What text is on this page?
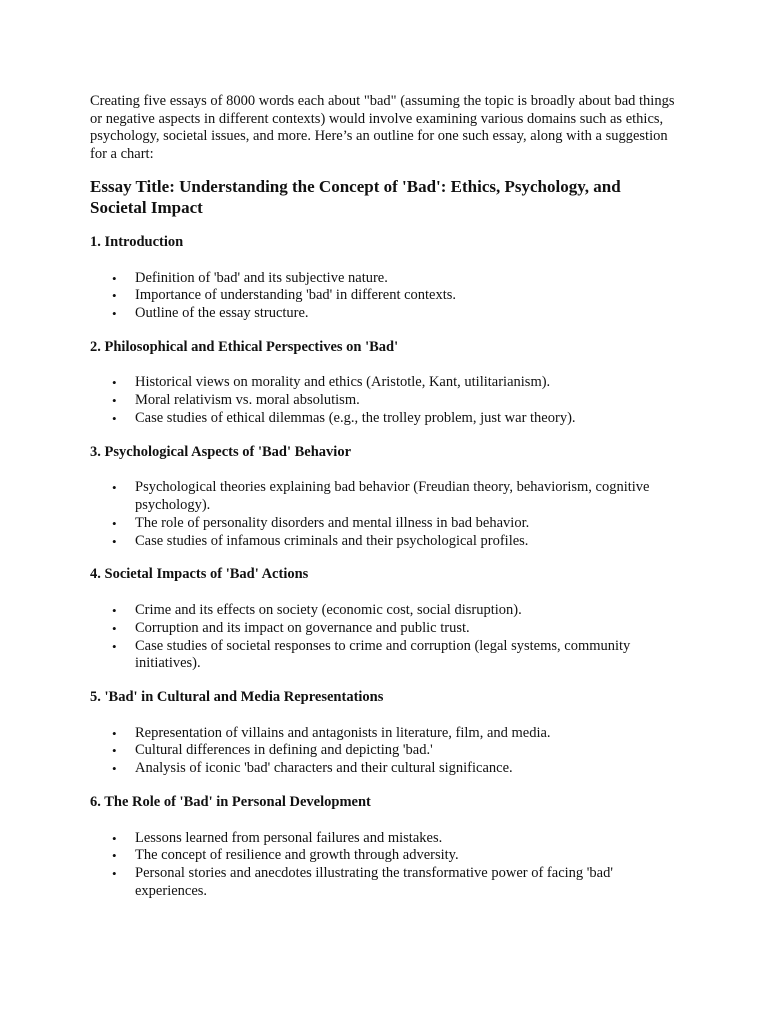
Creating five essays of 8000 words each about "bad" (assuming the topic is broadly about bad things or negative aspects in different contexts) would involve examining various domains such as ethics, psychology, societal issues, and more. Here’s an outline for one such essay, along with a suggestion for a chart:

Essay Title: Understanding the Concept of 'Bad': Ethics, Psychology, and Societal Impact
1. Introduction
• Definition of 'bad' and its subjective nature.
• Importance of understanding 'bad' in different contexts.
• Outline of the essay structure.
2. Philosophical and Ethical Perspectives on 'Bad'
• Historical views on morality and ethics (Aristotle, Kant, utilitarianism).
• Moral relativism vs. moral absolutism.
• Case studies of ethical dilemmas (e.g., the trolley problem, just war theory).
3. Psychological Aspects of 'Bad' Behavior
• Psychological theories explaining bad behavior (Freudian theory, behaviorism, cognitive psychology).
• The role of personality disorders and mental illness in bad behavior.
• Case studies of infamous criminals and their psychological profiles.
4. Societal Impacts of 'Bad' Actions
• Crime and its effects on society (economic cost, social disruption).
• Corruption and its impact on governance and public trust.
• Case studies of societal responses to crime and corruption (legal systems, community initiatives).
5. 'Bad' in Cultural and Media Representations
• Representation of villains and antagonists in literature, film, and media.
• Cultural differences in defining and depicting 'bad.'
• Analysis of iconic 'bad' characters and their cultural significance.
6. The Role of 'Bad' in Personal Development
• Lessons learned from personal failures and mistakes.
• The concept of resilience and growth through adversity.
• Personal stories and anecdotes illustrating the transformative power of facing 'bad' experiences.
